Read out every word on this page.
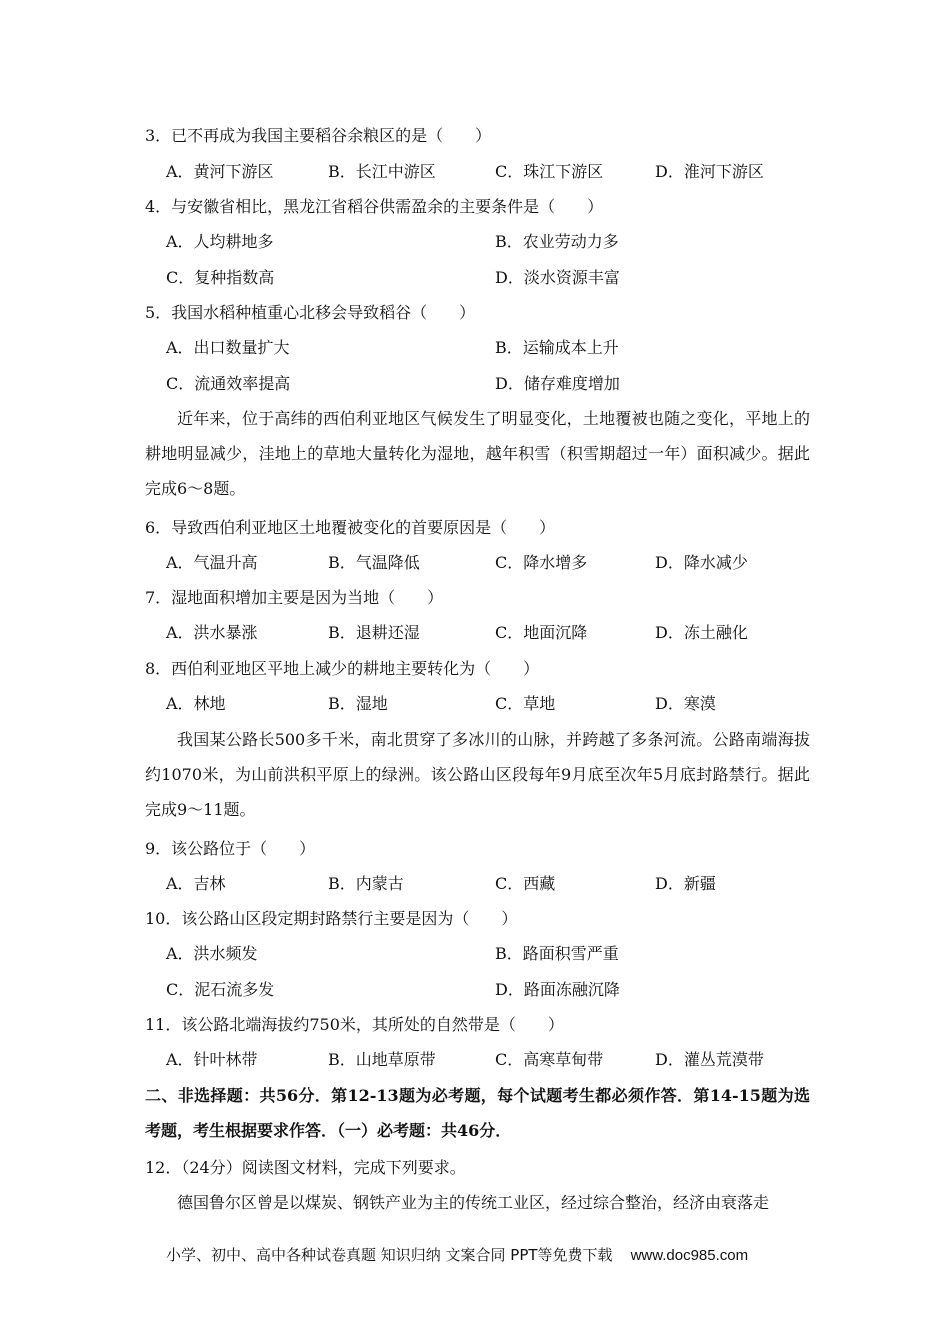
3．已不再成为我国主要稻谷余粮区的是（　　）
A．黄河下游区	B．长江中游区	C．珠江下游区	D．淮河下游区
4．与安徽省相比，黑龙江省稻谷供需盈余的主要条件是（　　）
A．人均耕地多	B．农业劳动力多
C．复种指数高	D．淡水资源丰富
5．我国水稻种植重心北移会导致稻谷（　　）
A．出口数量扩大	B．运输成本上升
C．流通效率提高	D．储存难度增加

近年来，位于高纬的西伯利亚地区气候发生了明显变化，土地覆被也随之变化，平地上的耕地明显减少，洼地上的草地大量转化为湿地，越年积雪（积雪期超过一年）面积减少。据此完成6～8题。

6．导致西伯利亚地区土地覆被变化的首要原因是（　　）
A．气温升高	B．气温降低	C．降水增多	D．降水减少
7．湿地面积增加主要是因为当地（　　）
A．洪水暴涨	B．退耕还湿	C．地面沉降	D．冻土融化
8．西伯利亚地区平地上减少的耕地主要转化为（　　）
A．林地	B．湿地	C．草地	D．寒漠

我国某公路长500多千米，南北贯穿了多冰川的山脉，并跨越了多条河流。公路南端海拔约1070米，为山前洪积平原上的绿洲。该公路山区段每年9月底至次年5月底封路禁行。据此完成9～11题。

9．该公路位于（　　）
A．吉林	B．内蒙古	C．西藏	D．新疆
10．该公路山区段定期封路禁行主要是因为（　　）
A．洪水频发	B．路面积雪严重
C．泥石流多发	D．路面冻融沉降
11．该公路北端海拔约750米，其所处的自然带是（　　）
A．针叶林带	B．山地草原带	C．高寒草甸带	D．灌丛荒漠带

二、非选择题：共56分．第12-13题为必考题，每个试题考生都必须作答．第14-15题为选考题，考生根据要求作答．（一）必考题：共46分．

12．（24分）阅读图文材料，完成下列要求。

德国鲁尔区曾是以煤炭、钢铁产业为主的传统工业区，经过综合整治，经济由衰落走

小学、初中、高中各种试卷真题 知识归纳 文案合同 PPT等免费下载 www.doc985.com
